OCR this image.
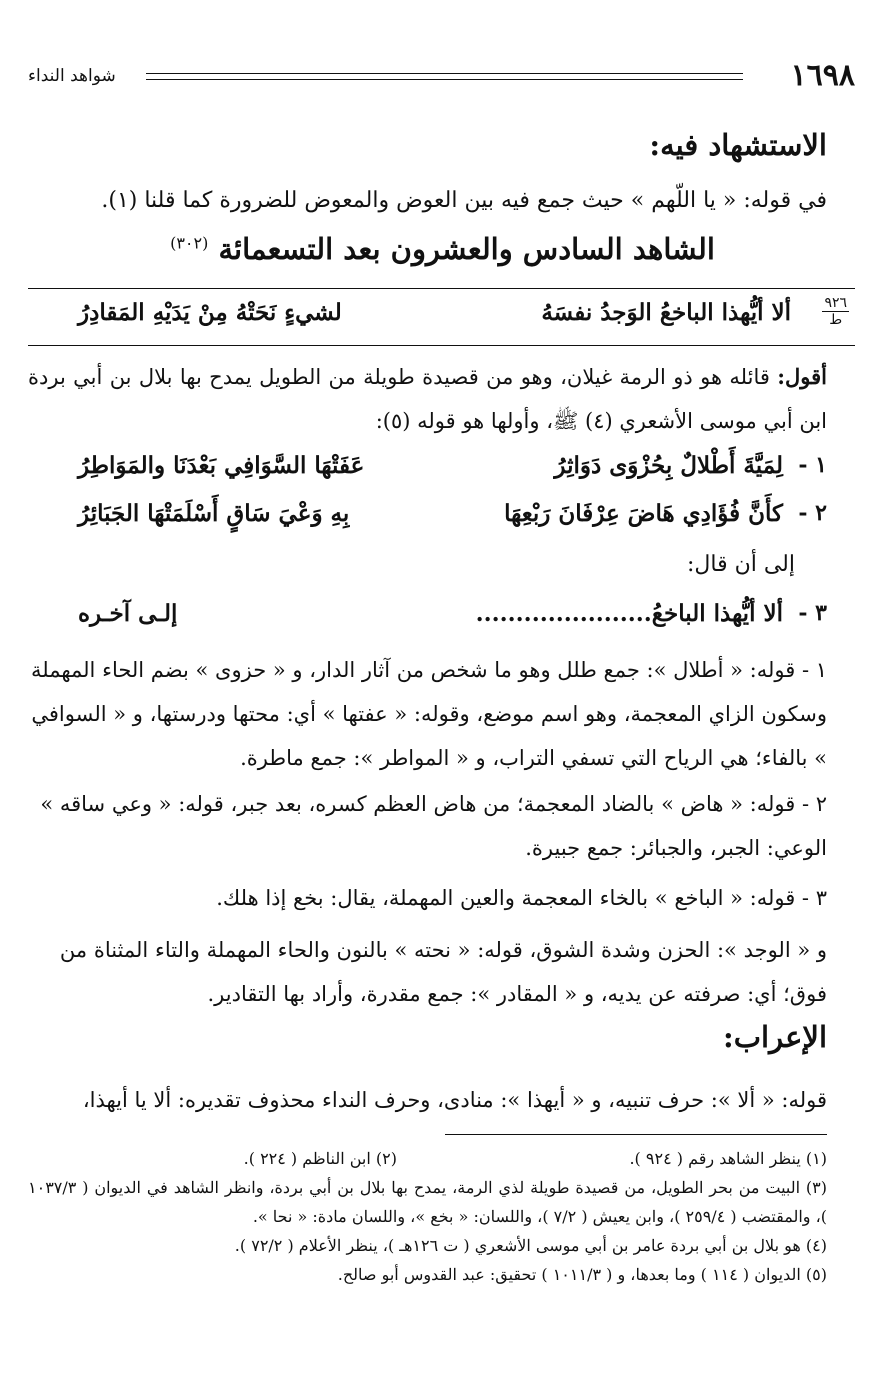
١٦٩٨
شواهد النداء
الاستشهاد فيه:
في قوله: « يا اللّهم » حيث جمع فيه بين العوض والمعوض للضرورة كما قلنا (١).
الشاهد السادس والعشرون بعد التسعمائة $^{(٣٠٢)}$
٩٢٦
ط
ألا أيُّهذا الباخعُ الوَجدُ نفسَهُ
لشيءٍ نَحَتْهُ مِنْ يَدَيْهِ المَقادِرُ
أقول: قائله هو ذو الرمة غيلان، وهو من قصيدة طويلة من الطويل يمدح بها بلال بن أبي بردة ابن أبي موسى الأشعري (٤) ﷺ، وأولها هو قوله (٥):
١ -
لِمَيَّةَ أَطْلالٌ بِحُزْوَى دَوَاثِرُ
عَفَتْهَا السَّوَافِي بَعْدَنَا والمَوَاطِرُ
٢ -
كأَنَّ فُؤَادِي هَاضَ عِرْفَانَ رَبْعِهَا
بِهِ وَعْيَ سَاقٍ أَسْلَمَتْهَا الجَبَائِرُ
إلى أن قال:
٣ -
ألا أيُّهذا الباخعُ......................
إلـى آخـره
١ - قوله: « أطلال »: جمع طلل وهو ما شخص من آثار الدار، و « حزوى » بضم الحاء المهملة وسكون الزاي المعجمة، وهو اسم موضع، وقوله: « عفتها » أي: محتها ودرستها، و « السوافي » بالفاء؛ هي الرياح التي تسفي التراب، و « المواطر »: جمع ماطرة.
٢ - قوله: « هاض » بالضاد المعجمة؛ من هاض العظم كسره، بعد جبر، قوله: « وعي ساقه » الوعي: الجبر، والجبائر: جمع جبيرة.
٣ - قوله: « الباخع » بالخاء المعجمة والعين المهملة، يقال: بخع إذا هلك.
و « الوجد »: الحزن وشدة الشوق، قوله: « نحته » بالنون والحاء المهملة والتاء المثناة من فوق؛ أي: صرفته عن يديه، و « المقادر »: جمع مقدرة، وأراد بها التقادير.
الإعراب:
قوله: « ألا »: حرف تنبيه، و « أيهذا »: منادى، وحرف النداء محذوف تقديره: ألا يا أيهذا،
(١) ينظر الشاهد رقم ( ٩٢٤ ).
(٢) ابن الناظم ( ٢٢٤ ).
(٣) البيت من بحر الطويل، من قصيدة طويلة لذي الرمة، يمدح بها بلال بن أبي بردة، وانظر الشاهد في الديوان ( ١٠٣٧/٣ )، والمقتضب ( ٢٥٩/٤ )، وابن يعيش ( ٧/٢ )، واللسان: « بخع »، واللسان مادة: « نحا ».
(٤) هو بلال بن أبي بردة عامر بن أبي موسى الأشعري ( ت ١٢٦هـ )، ينظر الأعلام ( ٧٢/٢ ).
(٥) الديوان ( ١١٤ ) وما بعدها، و ( ١٠١١/٣ ) تحقيق: عبد القدوس أبو صالح.
